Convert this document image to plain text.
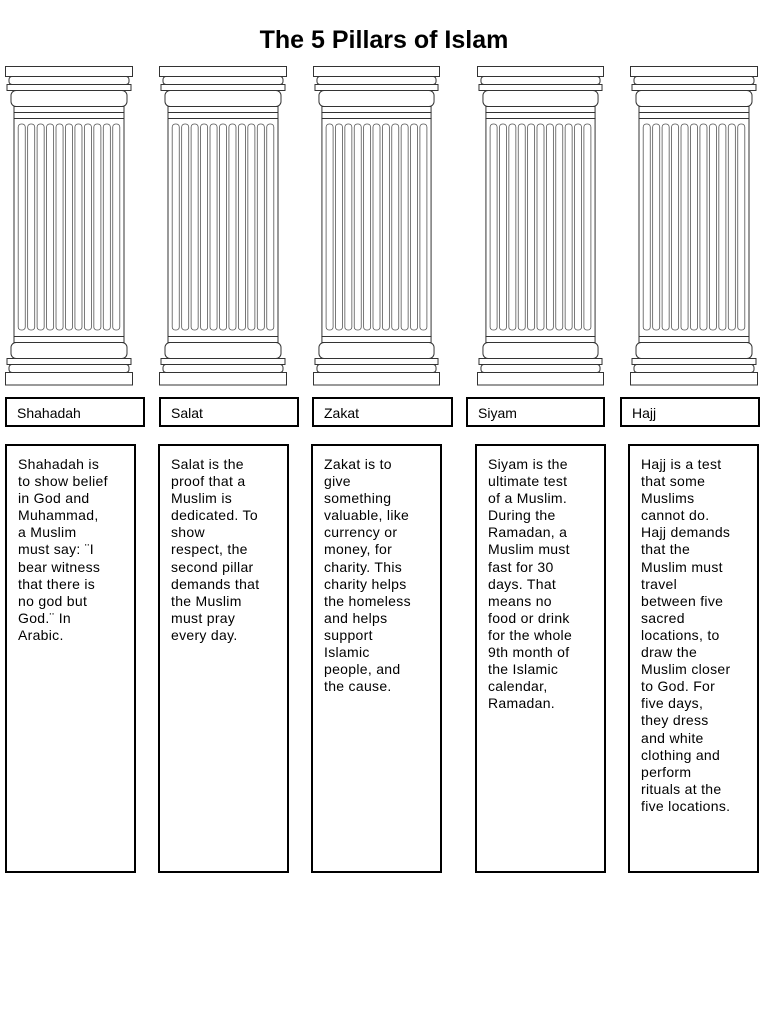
The 5 Pillars of Islam
Shahadah	Salat	Zakat	Siyam	Hajj
Shahadah is
to show belief
in God and
Muhammad,
a Muslim
must say: ¨I
bear witness
that there is
no god but
God.¨ In
Arabic.
Salat is the
proof that a
Muslim is
dedicated. To
show
respect, the
second pillar
demands that
the Muslim
must pray
every day.
Zakat is to
give
something
valuable, like
currency or
money, for
charity. This
charity helps
the homeless
and helps
support
Islamic
people, and
the cause.
Siyam is the
ultimate test
of a Muslim.
During the
Ramadan, a
Muslim must
fast for 30
days. That
means no
food or drink
for the whole
9th month of
the Islamic
calendar,
Ramadan.
Hajj is a test
that some
Muslims
cannot do.
Hajj demands
that the
Muslim must
travel
between five
sacred
locations, to
draw the
Muslim closer
to God. For
five days,
they dress
and white
clothing and
perform
rituals at the
five locations.
